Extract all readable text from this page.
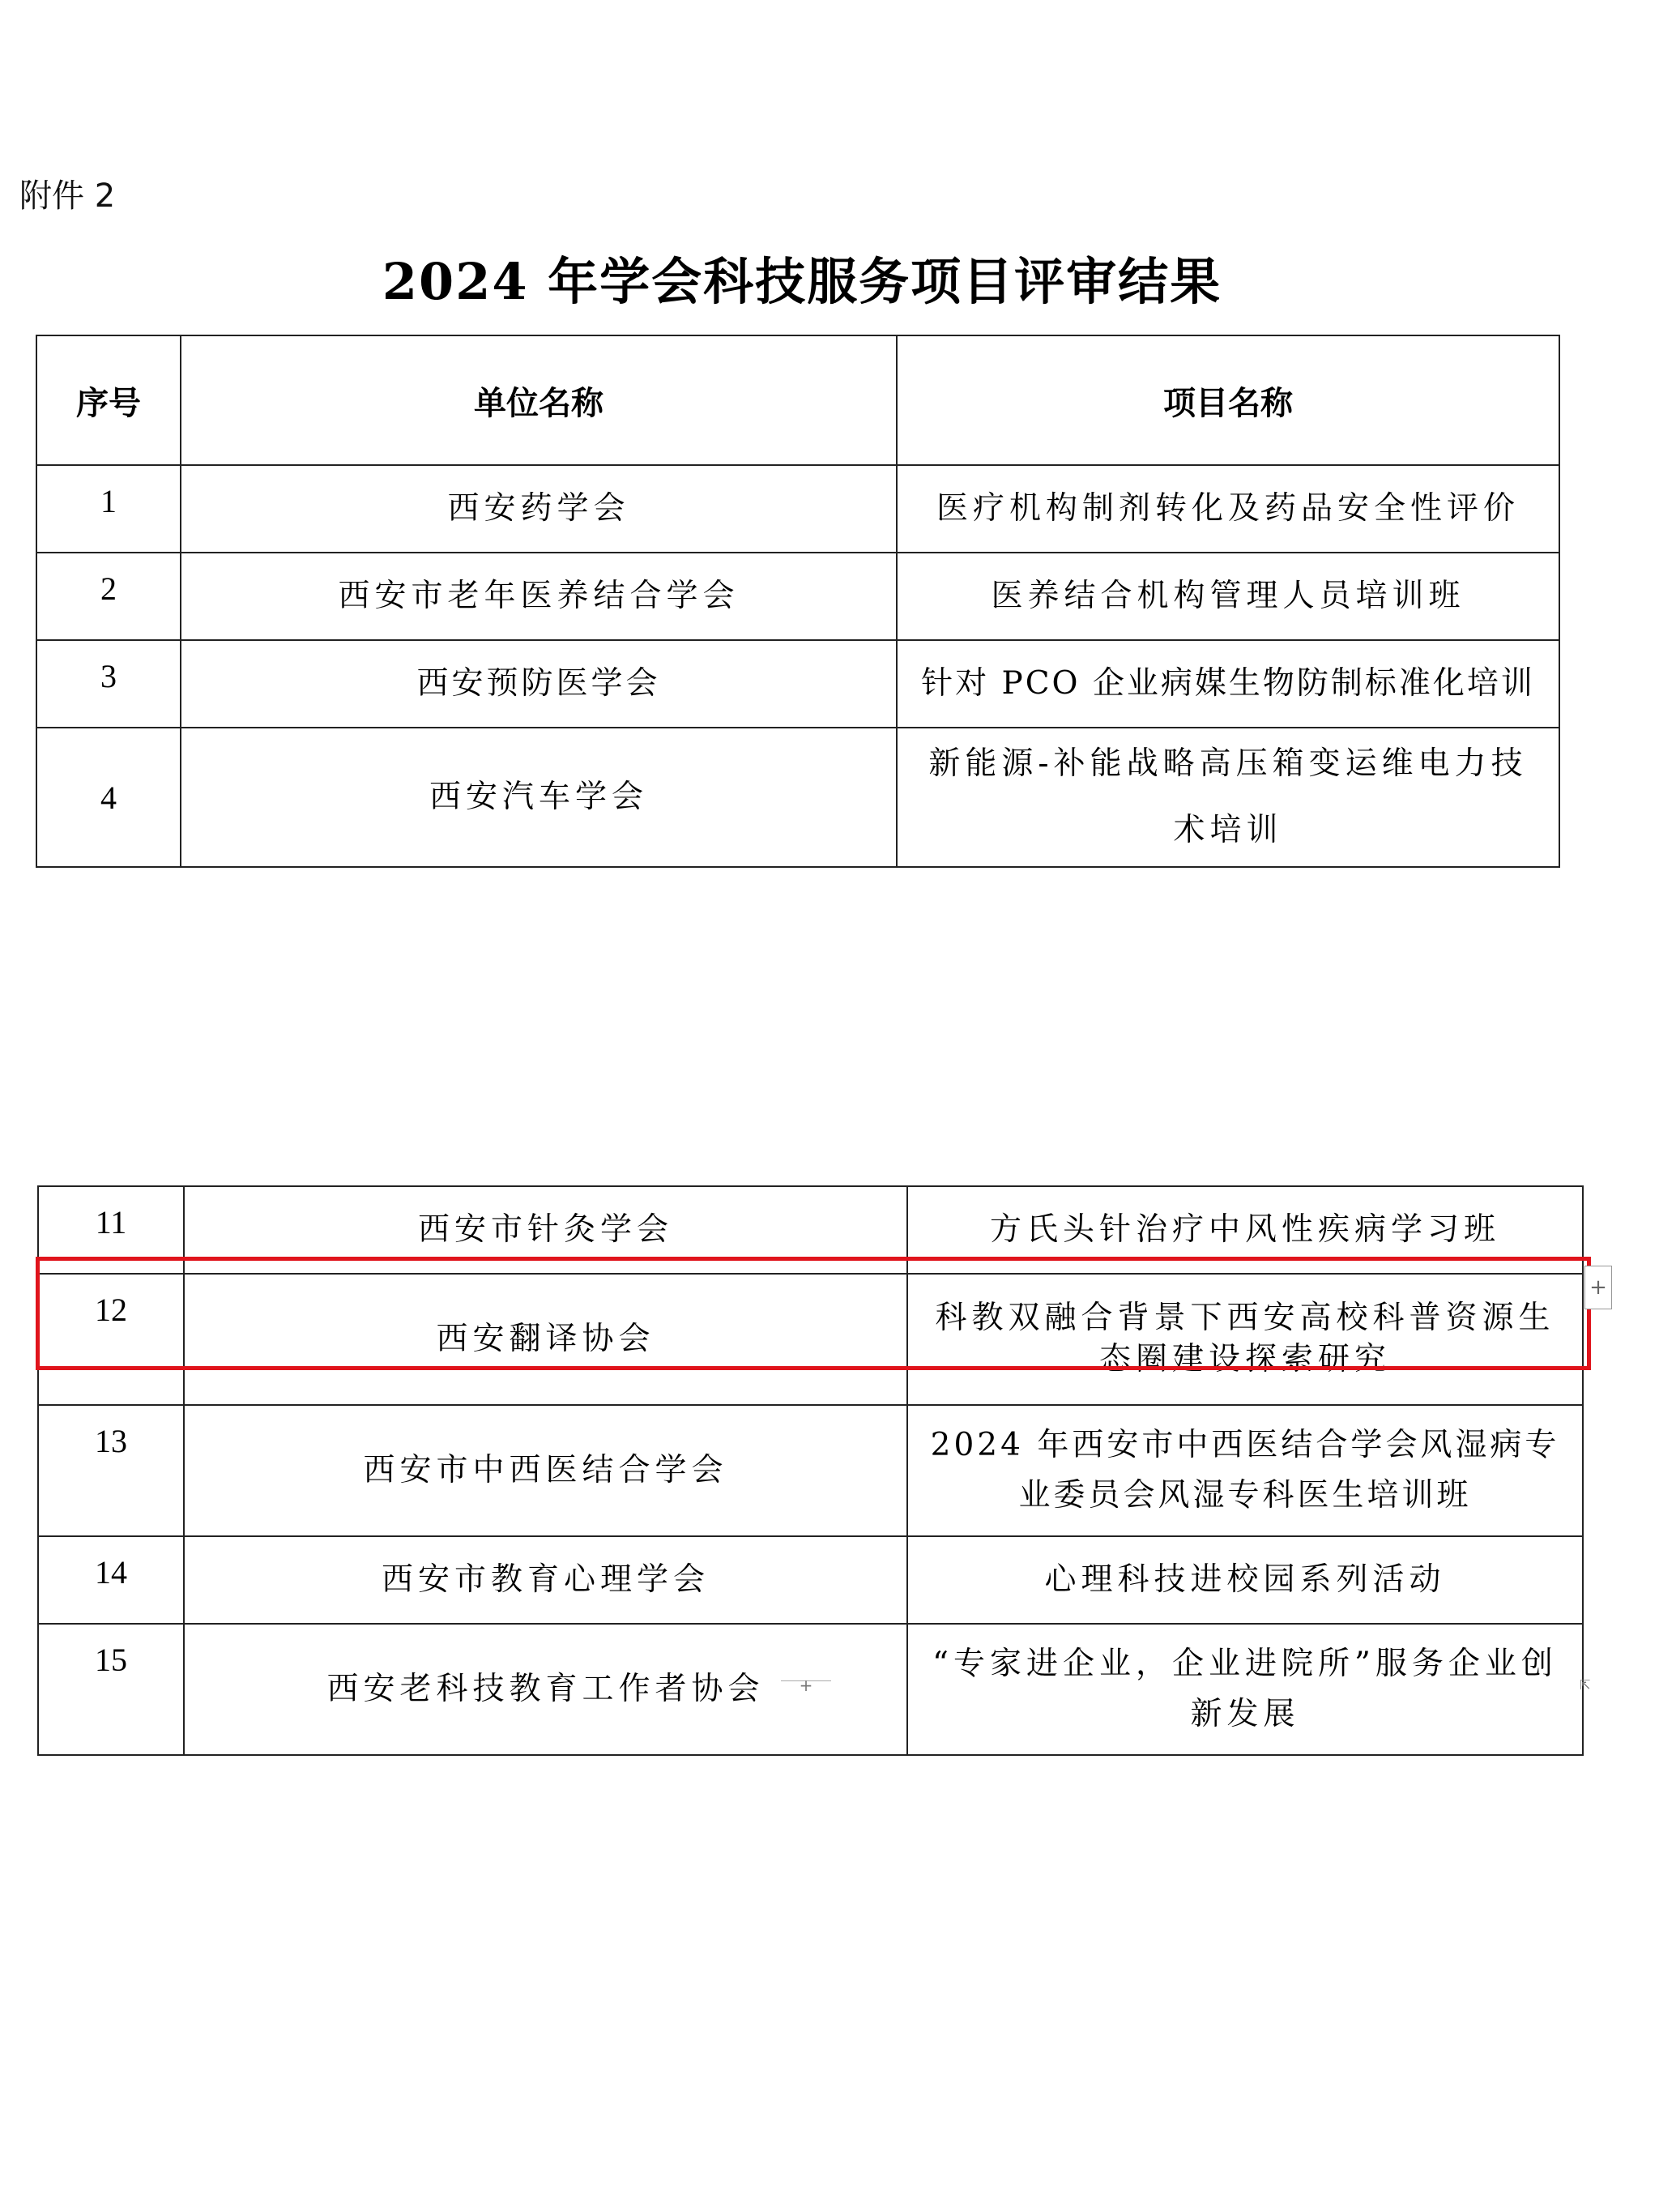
附件 2
2024 年学会科技服务项目评审结果
序号	单位名称	项目名称
1	西安药学会	医疗机构制剂转化及药品安全性评价
2	西安市老年医养结合学会	医养结合机构管理人员培训班
3	西安预防医学会	针对 PCO 企业病媒生物防制标准化培训
4	西安汽车学会	新能源-补能战略高压箱变运维电力技术培训
11	西安市针灸学会	方氏头针治疗中风性疾病学习班
12	西安翻译协会	科教双融合背景下西安高校科普资源生态圈建设探索研究
13	西安市中西医结合学会	2024 年西安市中西医结合学会风湿病专业委员会风湿专科医生培训班
14	西安市教育心理学会	心理科技进校园系列活动
15	西安老科技教育工作者协会	“专家进企业，企业进院所”服务企业创新发展
+
+	⇱
